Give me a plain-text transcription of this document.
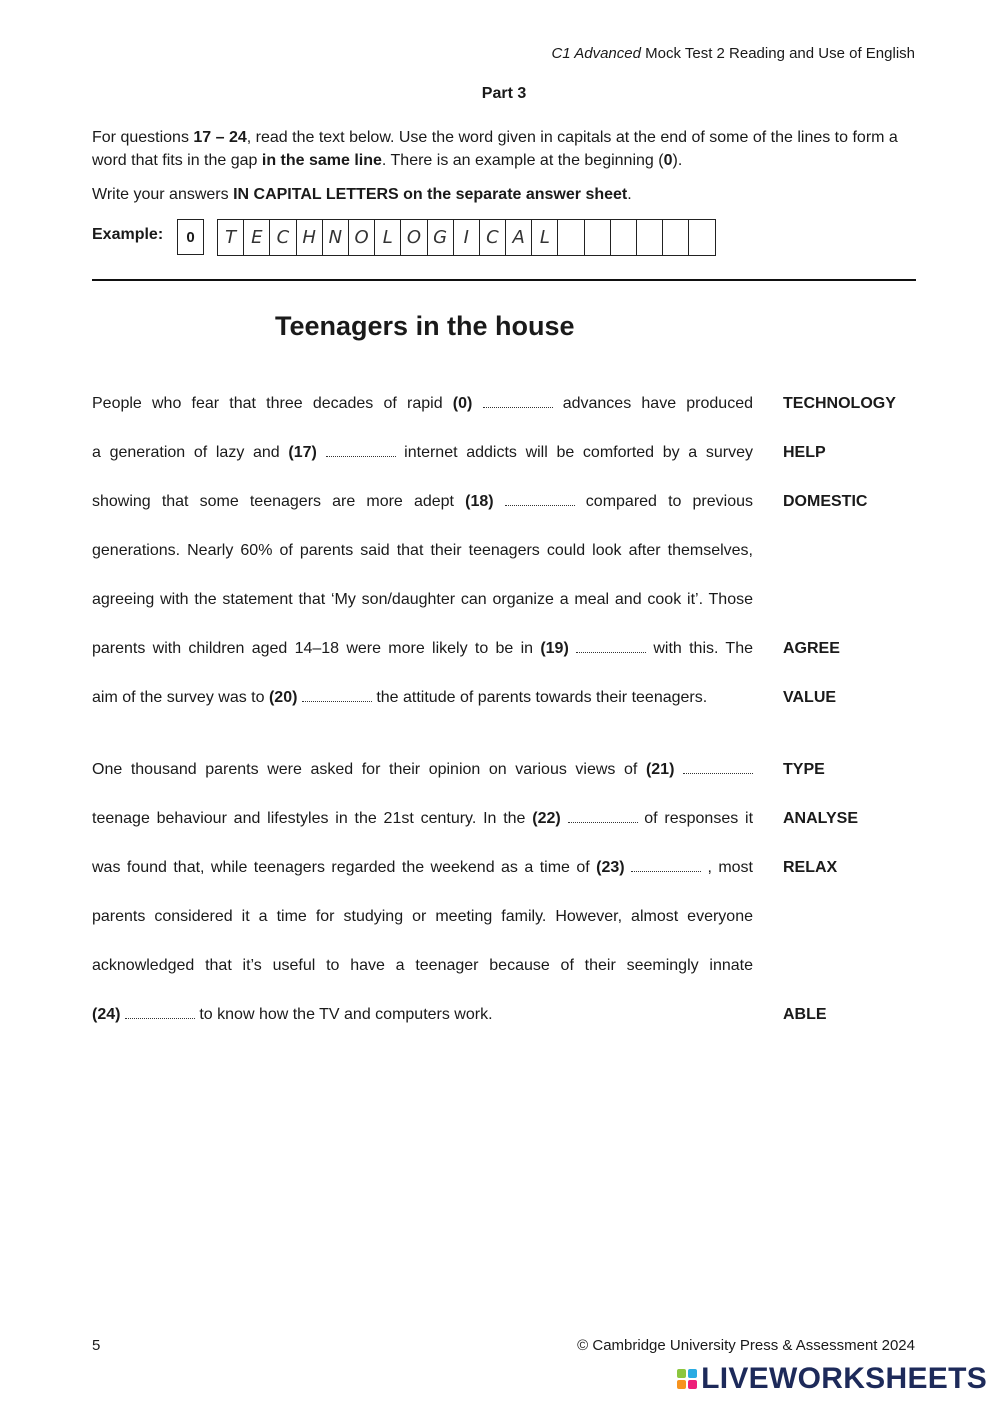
C1 Advanced Mock Test 2 Reading and Use of English
Part 3
For questions 17 – 24, read the text below. Use the word given in capitals at the end of some of the lines to form a word that fits in the gap in the same line. There is an example at the beginning (0).
Write your answers IN CAPITAL LETTERS on the separate answer sheet.
Example:	0	T E C H N O L O G I C A L
Teenagers in the house
People who fear that three decades of rapid (0)	advances have produced TECHNOLOGY
a generation of lazy and (17)	internet addicts will be comforted by a survey HELP
showing that some teenagers are more adept (18)	compared to previous DOMESTIC
generations. Nearly 60% of parents said that their teenagers could look after themselves,
agreeing with the statement that ‘My son/daughter can organize a meal and cook it’. Those
parents with children aged 14–18 were more likely to be in (19)	with this. The AGREE
aim of the survey was to (20)	the attitude of parents towards their teenagers.	VALUE
One thousand parents were asked for their opinion on various views of (21)	TYPE
teenage behaviour and lifestyles in the 21st century. In the (22)	of responses it ANALYSE
was found that, while teenagers regarded the weekend as a time of (23)	, most RELAX
parents considered it a time for studying or meeting family. However, almost everyone
acknowledged that it’s useful to have a teenager because of their seemingly innate
(24)	to know how the TV and computers work.	ABLE
5	© Cambridge University Press & Assessment 2024
LIVEWORKSHEETS
